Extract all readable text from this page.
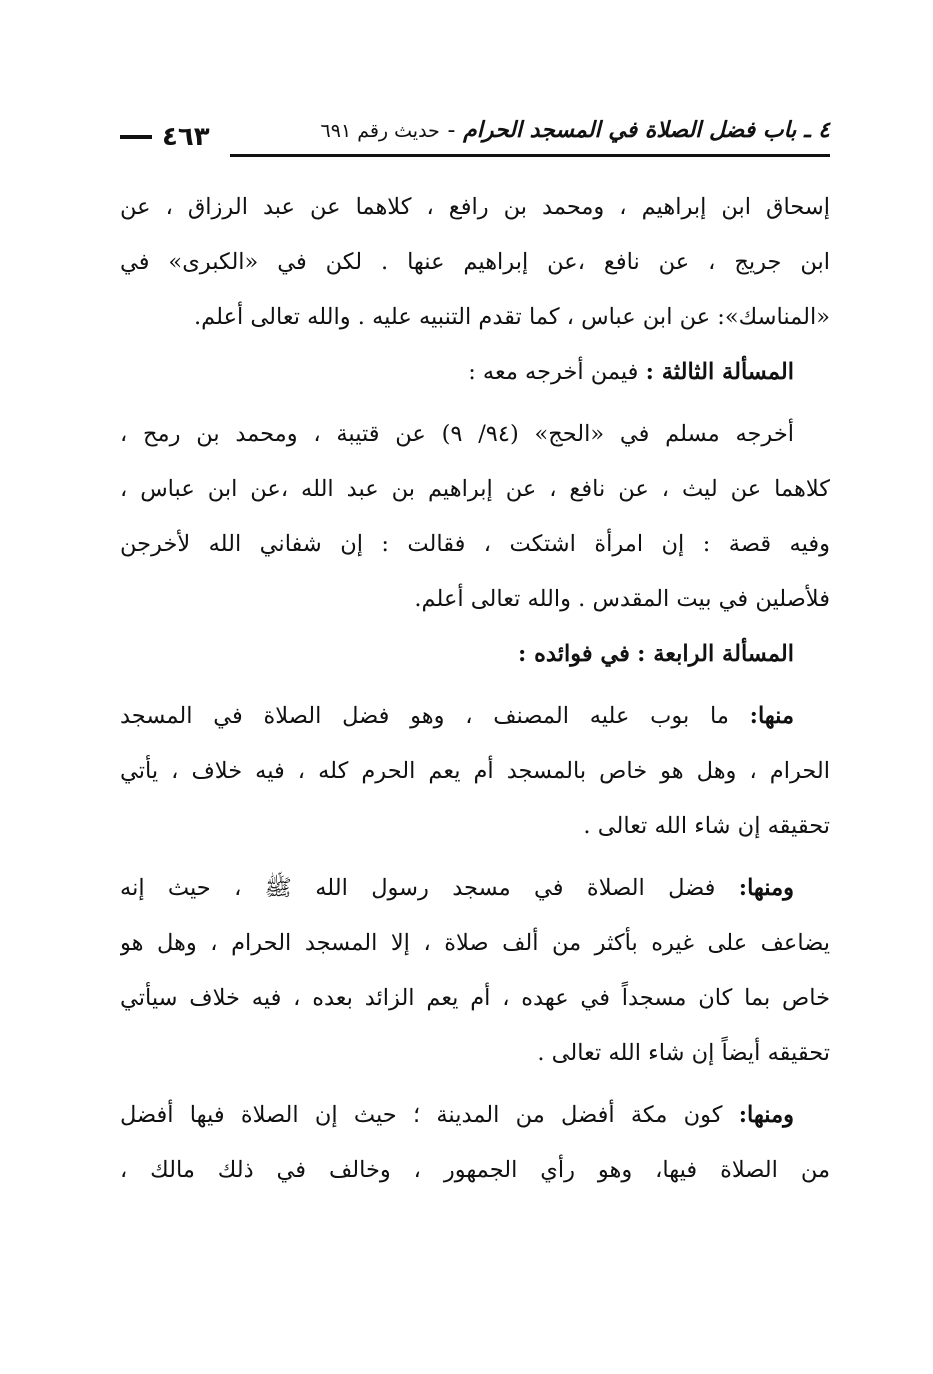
٤ ـ باب فضل الصلاة في المسجد الحرام - حديث رقم ٦٩١
٤٦٣
إسحاق ابن إبراهيم ، ومحمد بن رافع ، كلاهما عن عبد الرزاق ، عن
ابن جريج ، عن نافع ،عن إبراهيم عنها . لكن في «الكبرى» في
«المناسك»: عن ابن عباس ، كما تقدم التنبيه عليه . والله تعالى أعلم.
المسألة الثالثة : فيمن أخرجه معه :
أخرجه مسلم في «الحج» (٩٤/ ٩) عن قتيبة ، ومحمد بن رمح ،
كلاهما عن ليث ، عن نافع ، عن إبراهيم بن عبد الله ،عن ابن عباس ،
وفيه قصة : إن امرأة اشتكت ، فقالت : إن شفاني الله لأخرجن
فلأصلين في بيت المقدس . والله تعالى أعلم.
المسألة الرابعة : في فوائده :
منها: ما بوب عليه المصنف ، وهو فضل الصلاة في المسجد
الحرام ، وهل هو خاص بالمسجد أم يعم الحرم كله ، فيه خلاف ، يأتي
تحقيقه إن شاء الله تعالى .
ومنها: فضل الصلاة في مسجد رسول الله ﷺ ، حيث إنه
يضاعف على غيره بأكثر من ألف صلاة ، إلا المسجد الحرام ، وهل هو
خاص بما كان مسجداً في عهده ، أم يعم الزائد بعده ، فيه خلاف سيأتي
تحقيقه أيضاً إن شاء الله تعالى .
ومنها: كون مكة أفضل من المدينة ؛ حيث إن الصلاة فيها أفضل
من الصلاة فيها، وهو رأي الجمهور ، وخالف في ذلك مالك ،
